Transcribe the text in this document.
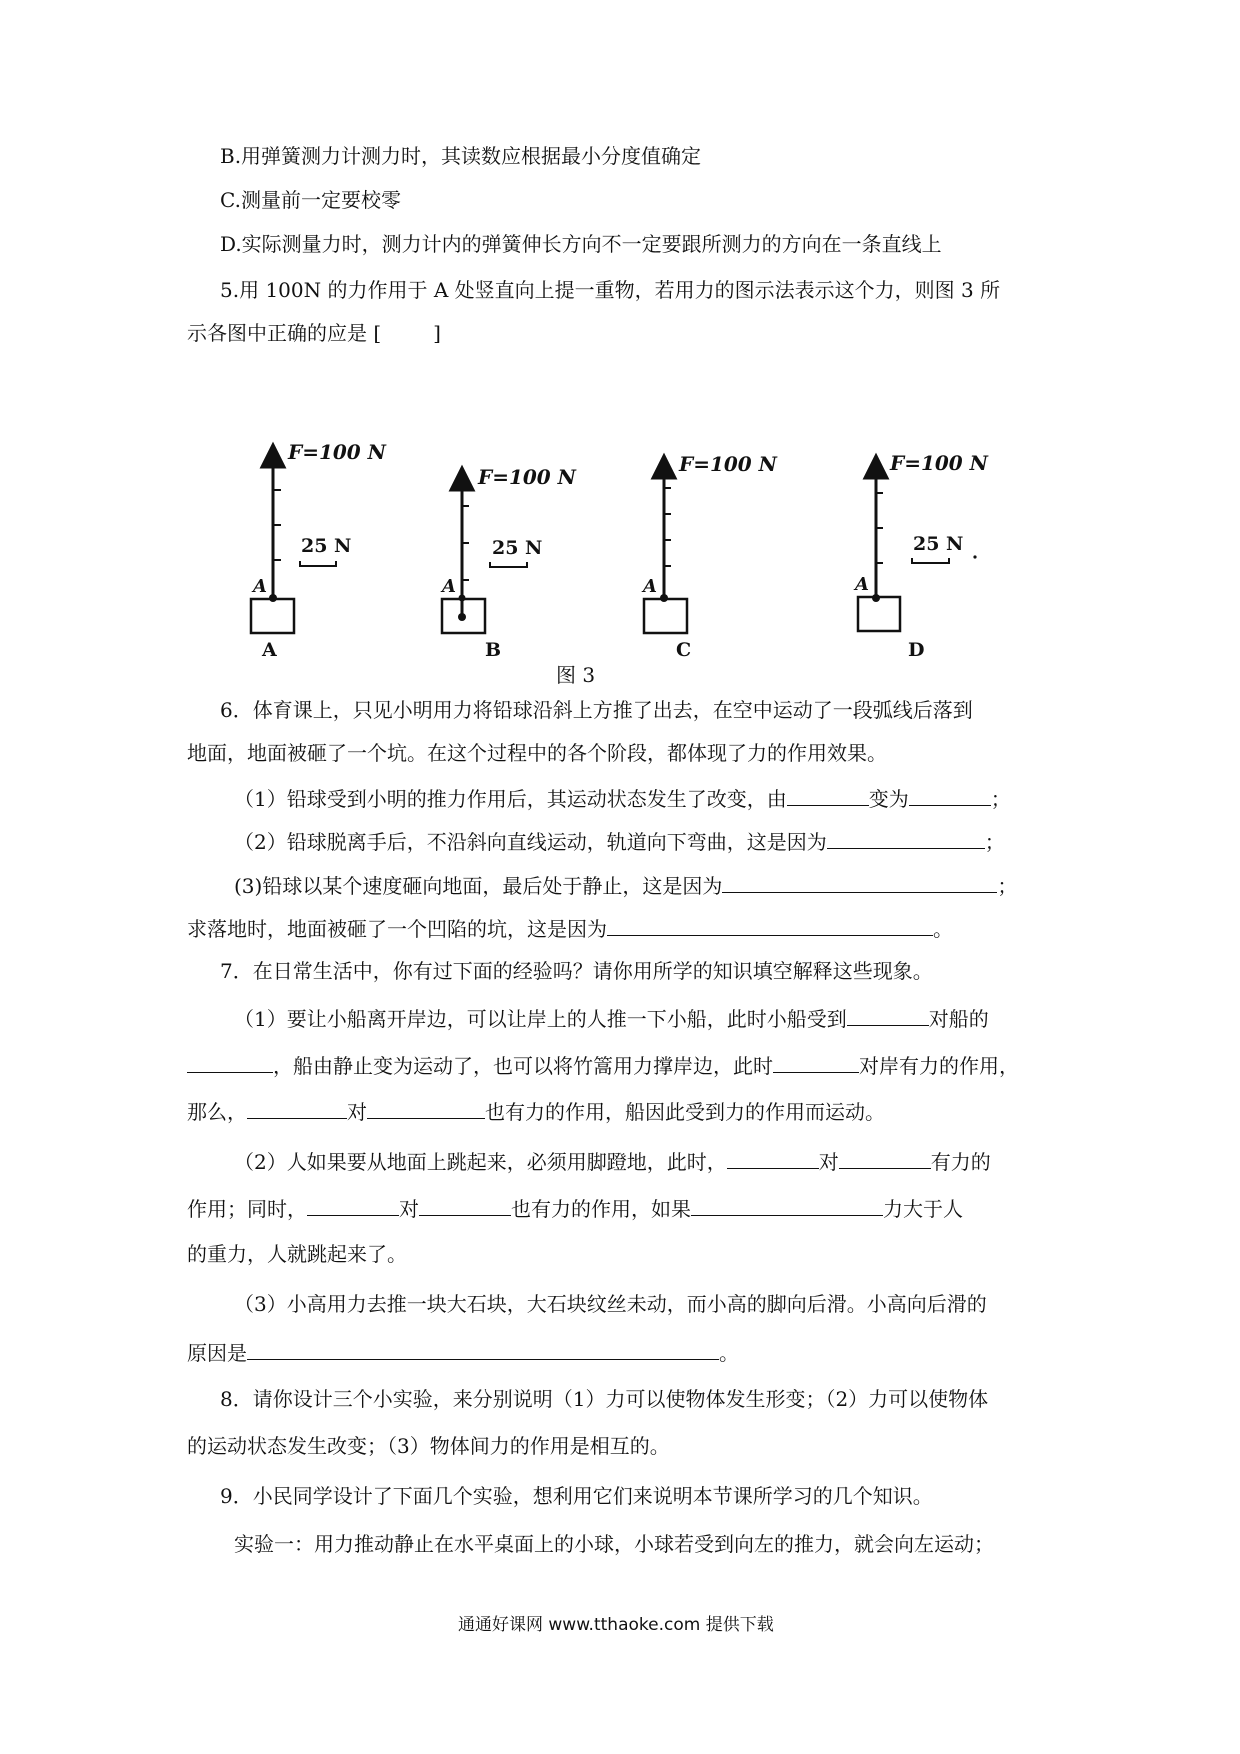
B.用弹簧测力计测力时，其读数应根据最小分度值确定
C.测量前一定要校零
D.实际测量力时，测力计内的弹簧伸长方向不一定要跟所测力的方向在一条直线上
5.用 100N 的力作用于 A 处竖直向上提一重物，若用力的图示法表示这个力，则图 3 所
示各图中正确的应是 [	]
F=100 N
25 N
A
A
F=100 N
25 N
A
B
F=100 N
A
C
F=100 N
25 N
A
D
图 3
6．体育课上，只见小明用力将铅球沿斜上方推了出去，在空中运动了一段弧线后落到
地面，地面被砸了一个坑。在这个过程中的各个阶段，都体现了力的作用效果。
（1）铅球受到小明的推力作用后，其运动状态发生了改变，由	变为	；
（2）铅球脱离手后，不沿斜向直线运动，轨道向下弯曲，这是因为	；
(3)铅球以某个速度砸向地面，最后处于静止，这是因为	；
求落地时，地面被砸了一个凹陷的坑，这是因为	。
7．在日常生活中，你有过下面的经验吗？请你用所学的知识填空解释这些现象。
（1）要让小船离开岸边，可以让岸上的人推一下小船，此时小船受到	对船的
，船由静止变为运动了，也可以将竹篙用力撑岸边，此时	对岸有力的作用，
那么，	对	也有力的作用，船因此受到力的作用而运动。
（2）人如果要从地面上跳起来，必须用脚蹬地，此时，	对	有力的
作用；同时，	对	也有力的作用，如果	力大于人
的重力，人就跳起来了。
（3）小高用力去推一块大石块，大石块纹丝未动，而小高的脚向后滑。小高向后滑的
原因是	。
8．请你设计三个小实验，来分别说明（1）力可以使物体发生形变；（2）力可以使物体
的运动状态发生改变；（3）物体间力的作用是相互的。
9．小民同学设计了下面几个实验，想利用它们来说明本节课所学习的几个知识。
实验一：用力推动静止在水平桌面上的小球，小球若受到向左的推力，就会向左运动；
通通好课网 www.tthaoke.com 提供下载
